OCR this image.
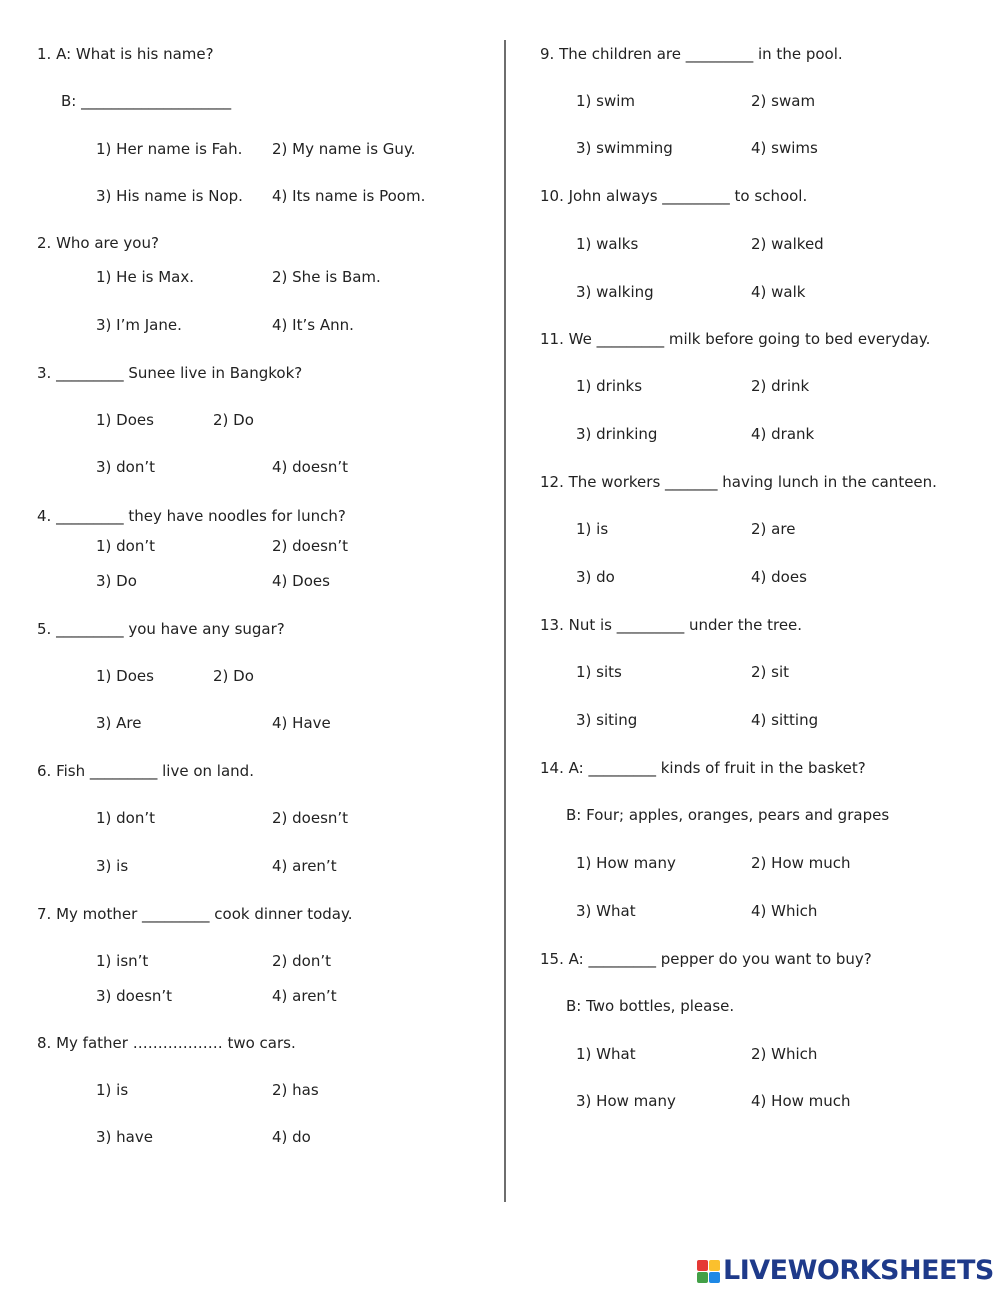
1. A: What is his name?
B: ____________________
1) Her name is Fah. 2) My name is Guy.
3) His name is Nop. 4) Its name is Poom.
2. Who are you?
1) He is Max.	2) She is Bam.
3) I’m Jane.	4) It’s Ann.
3. _________ Sunee live in Bangkok?
1) Does	2) Do
3) don’t	4) doesn’t
4. _________ they have noodles for lunch?
1) don’t	2) doesn’t
3) Do	4) Does
5. _________ you have any sugar?
1) Does	2) Do
3) Are	4) Have
6. Fish _________ live on land.
1) don’t	2) doesn’t
3) is	4) aren’t
7. My mother _________ cook dinner today.
1) isn’t	2) don’t
3) doesn’t	4) aren’t
8. My father ……………… two cars.
1) is	2) has
3) have	4) do
9. The children are _________ in the pool.
1) swim	2) swam
3) swimming	4) swims
10. John always _________ to school.
1) walks	2) walked
3) walking	4) walk
11. We _________ milk before going to bed everyday.
1) drinks	2) drink
3) drinking	4) drank
12. The workers _______ having lunch in the canteen.
1) is	2) are
3) do	4) does
13. Nut is _________ under the tree.
1) sits	2) sit
3) siting	4) sitting
14. A: _________ kinds of fruit in the basket?
B: Four; apples, oranges, pears and grapes
1) How many	2) How much
3) What	4) Which
15. A: _________ pepper do you want to buy?
B: Two bottles, please.
1) What	2) Which
3) How many	4) How much
LIVEWORKSHEETS
